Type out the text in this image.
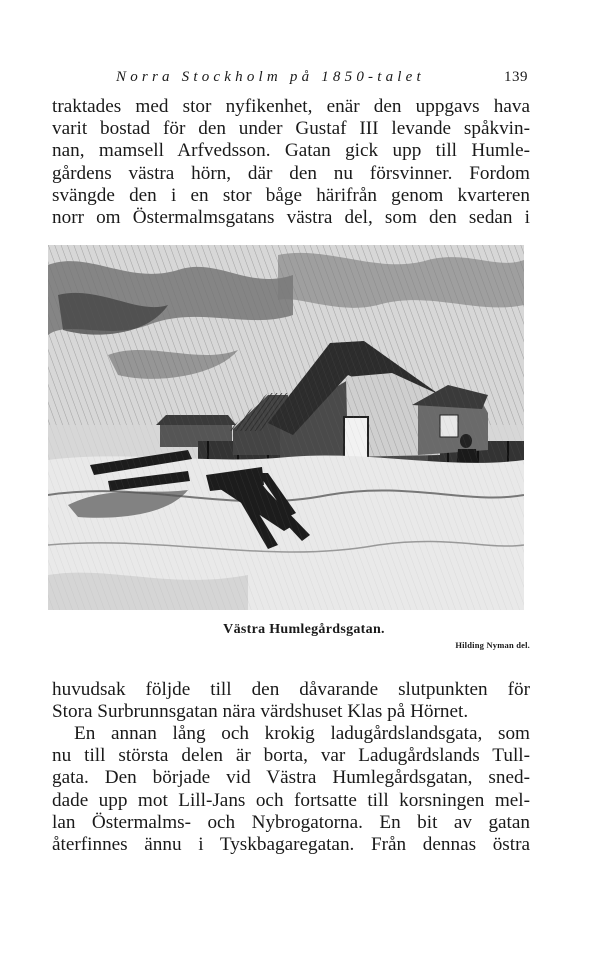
Norra Stockholm på 1850-talet	139
traktades med stor nyfikenhet, enär den uppgavs hava
varit bostad för den under Gustaf III levande spåkvin-
nan, mamsell Arfvedsson. Gatan gick upp till Humle-
gårdens västra hörn, där den nu försvinner. Fordom
svängde den i en stor båge härifrån genom kvarteren
norr om Östermalmsgatans västra del, som den sedan i
Västra Humlegårdsgatan.
Hilding Nyman del.
huvudsak följde till den dåvarande slutpunkten för
Stora Surbrunnsgatan nära värdshuset Klas på Hörnet.
En annan lång och krokig ladugårdslandsgata, som
nu till största delen är borta, var Ladugårdslands Tull-
gata. Den började vid Västra Humlegårdsgatan, sned-
dade upp mot Lill-Jans och fortsatte till korsningen mel-
lan Östermalms- och Nybrogatorna. En bit av gatan
återfinnes ännu i Tyskbagaregatan. Från dennas östra
